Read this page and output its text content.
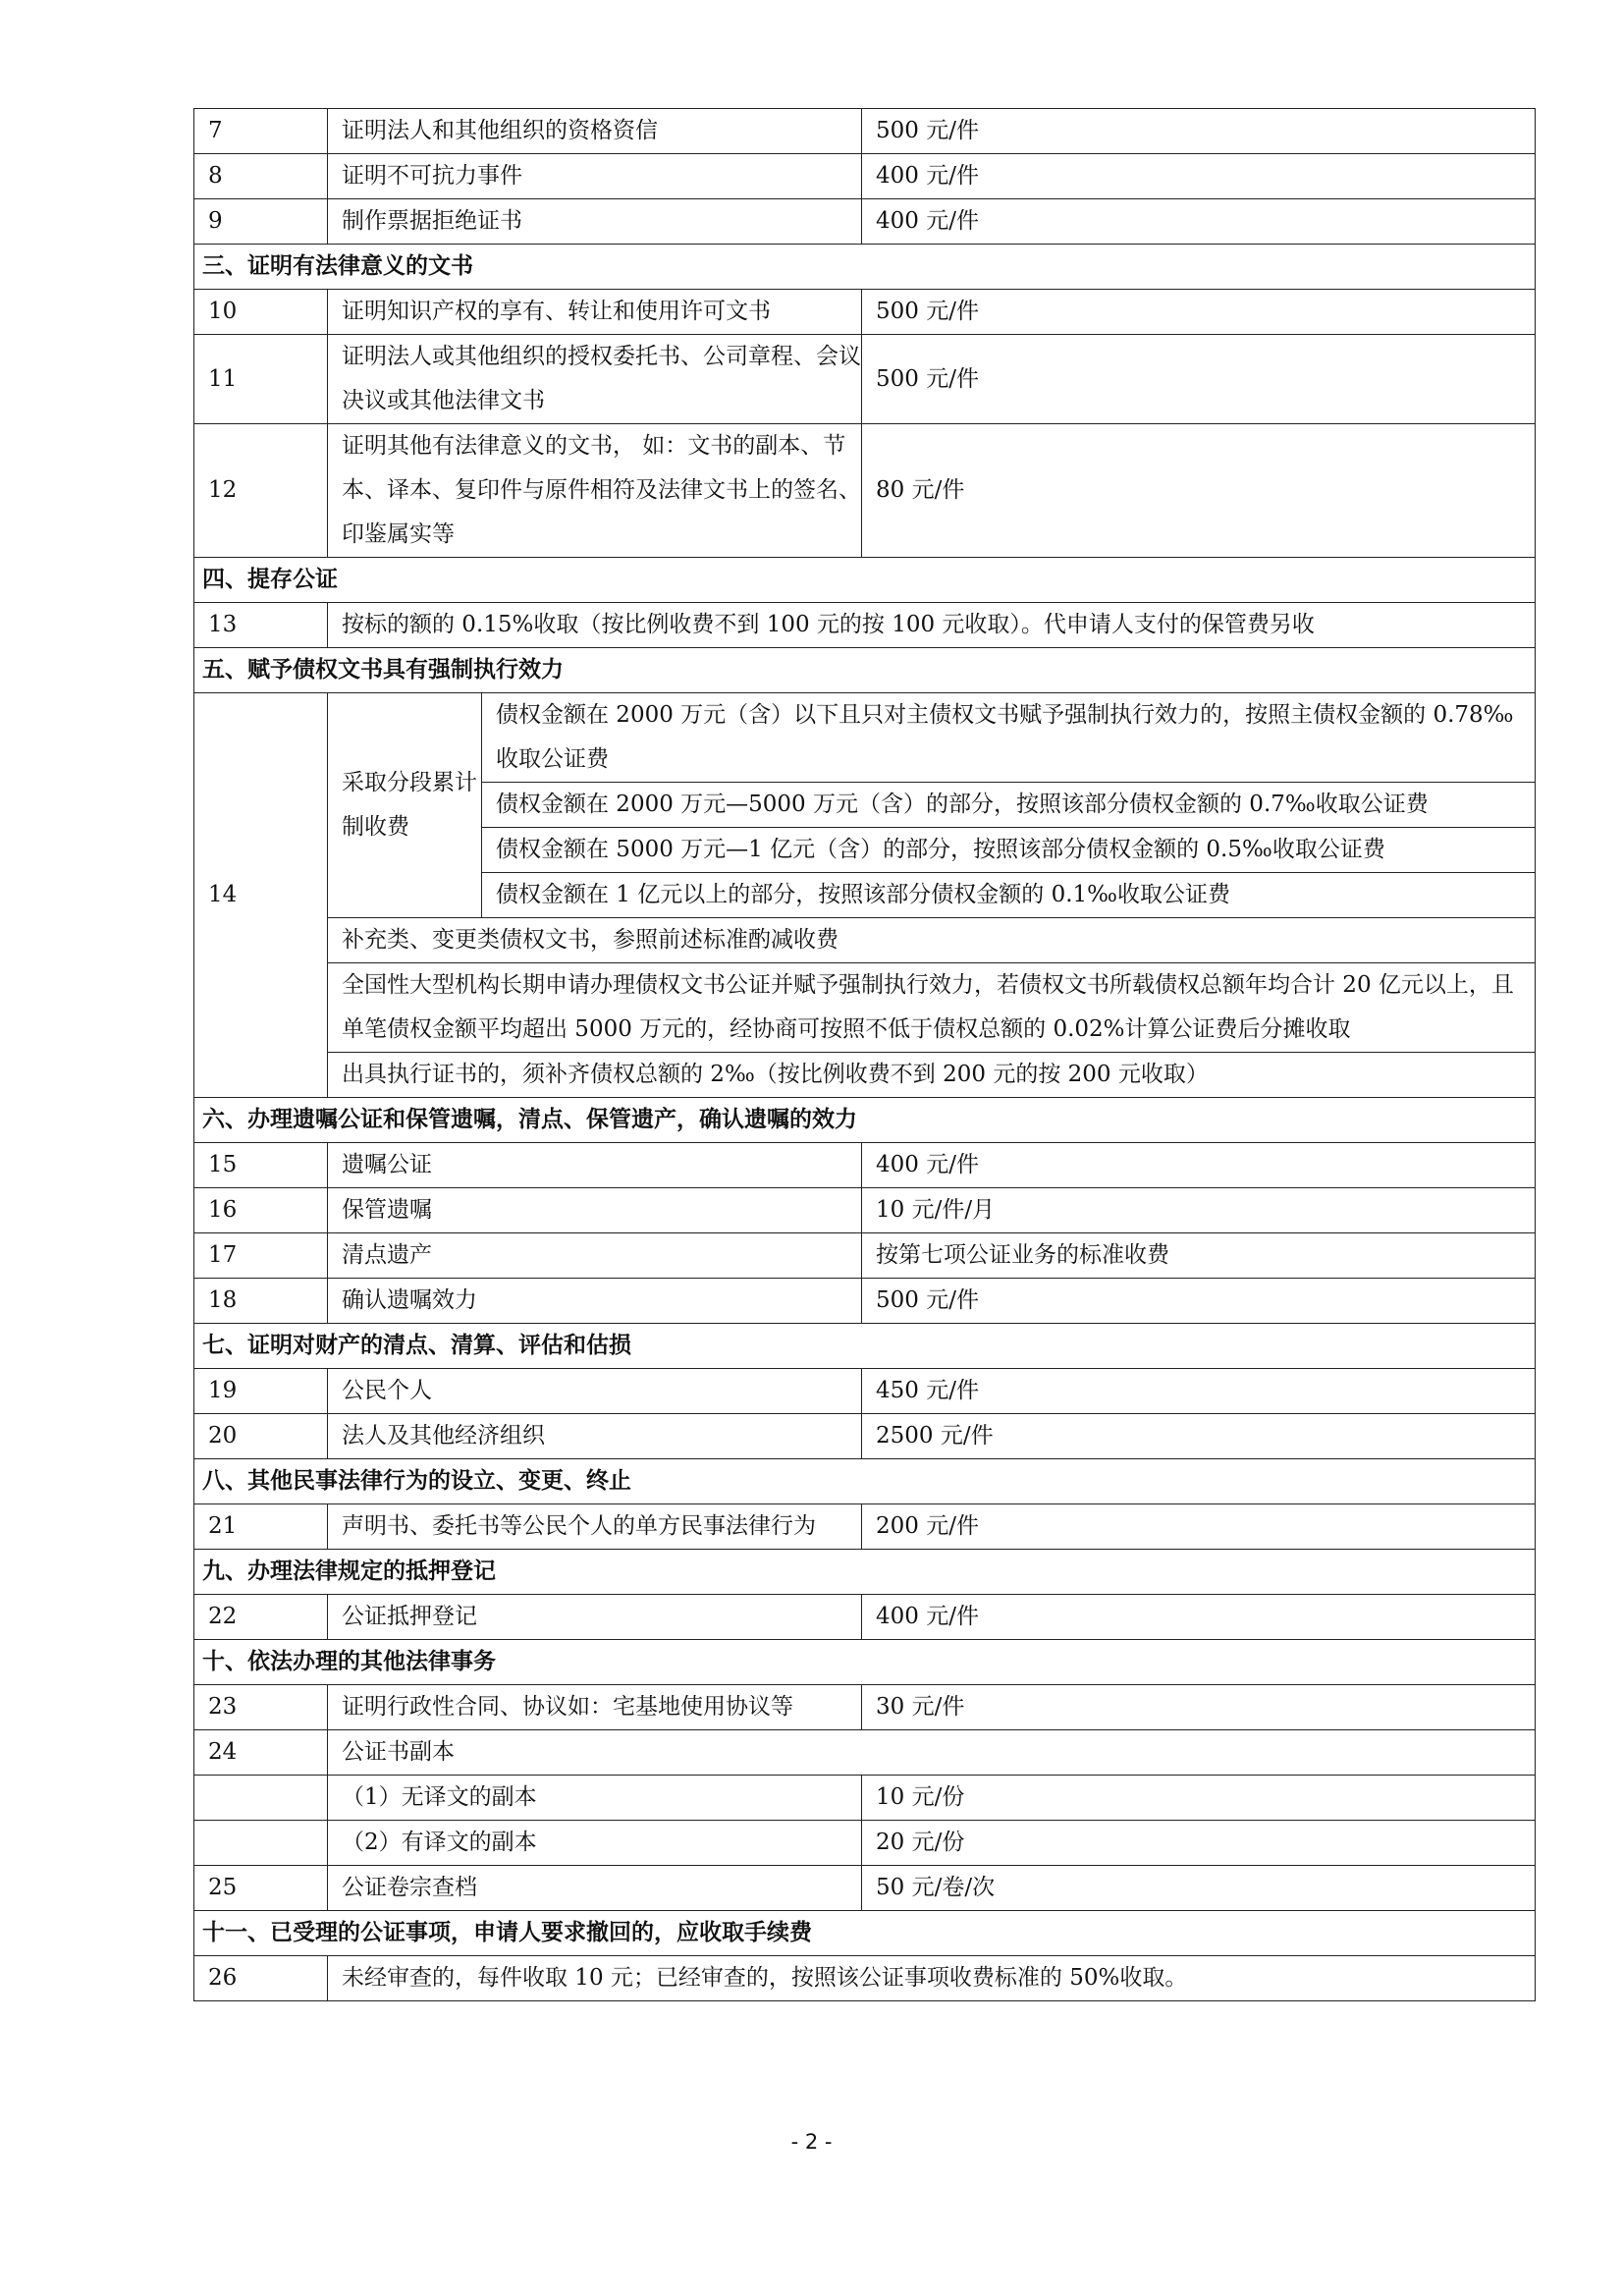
7	证明法人和其他组织的资格资信		500 元/件
8	证明不可抗力事件		400 元/件
9	制作票据拒绝证书		400 元/件
三、证明有法律意义的文书			
10	证明知识产权的享有、转让和使用许可文书		500 元/件
11	证明法人或其他组织的授权委托书、公司章程、会议决议或其他法律文书		500 元/件
12	证明其他有法律意义的文书， 如：文书的副本、节本、译本、复印件与原件相符及法律文书上的签名、印鉴属实等		80 元/件
四、提存公证			
13	按标的额的 0.15%收取（按比例收费不到 100 元的按 100 元收取）。代申请人支付的保管费另收		
五、赋予债权文书具有强制执行效力			
14	采取分段累计制收费	债权金额在 2000 万元（含）以下且只对主债权文书赋予强制执行效力的，按照主债权金额的 0.78‰收取公证费	
		债权金额在 2000 万元—5000 万元（含）的部分，按照该部分债权金额的 0.7‰收取公证费	
		债权金额在 5000 万元—1 亿元（含）的部分，按照该部分债权金额的 0.5‰收取公证费	
		债权金额在 1 亿元以上的部分，按照该部分债权金额的 0.1‰收取公证费	
	补充类、变更类债权文书，参照前述标准酌减收费		
	全国性大型机构长期申请办理债权文书公证并赋予强制执行效力，若债权文书所载债权总额年均合计 20 亿元以上，且单笔债权金额平均超出 5000 万元的，经协商可按照不低于债权总额的 0.02%计算公证费后分摊收取		
	出具执行证书的，须补齐债权总额的 2‰（按比例收费不到 200 元的按 200 元收取）		
六、办理遗嘱公证和保管遗嘱，清点、保管遗产，确认遗嘱的效力			
15	遗嘱公证		400 元/件
16	保管遗嘱		10 元/件/月
17	清点遗产		按第七项公证业务的标准收费
18	确认遗嘱效力		500 元/件
七、证明对财产的清点、清算、评估和估损			
19	公民个人		450 元/件
20	法人及其他经济组织		2500 元/件
八、其他民事法律行为的设立、变更、终止			
21	声明书、委托书等公民个人的单方民事法律行为		200 元/件
九、办理法律规定的抵押登记			
22	公证抵押登记		400 元/件
十、依法办理的其他法律事务			
23	证明行政性合同、协议如：宅基地使用协议等		30 元/件
24	公证书副本		
	（1）无译文的副本		10 元/份
	（2）有译文的副本		20 元/份
25	公证卷宗查档		50 元/卷/次
十一、已受理的公证事项，申请人要求撤回的，应收取手续费			
26	未经审查的，每件收取 10 元；已经审查的，按照该公证事项收费标准的 50%收取。		
- 2 -
